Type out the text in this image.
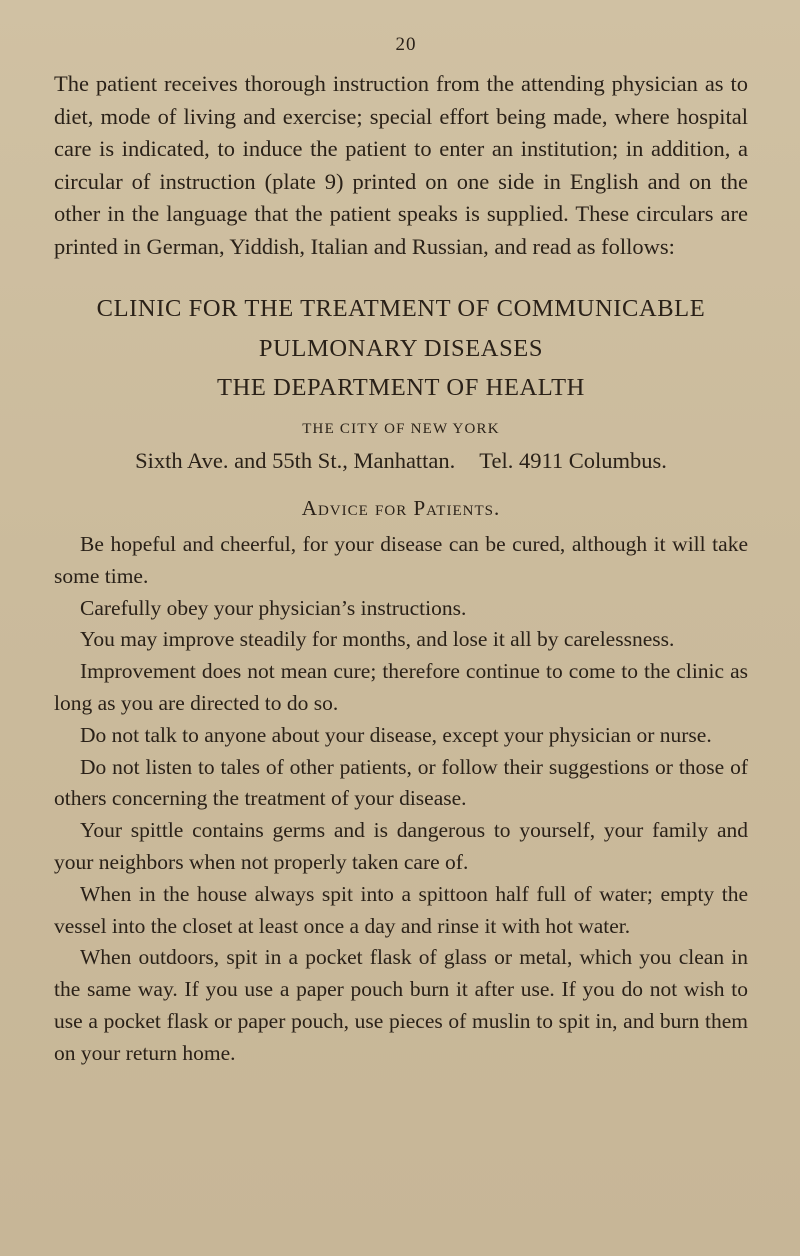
20

The patient receives thorough instruction from the attending physician as to diet, mode of living and exercise; special effort being made, where hospital care is indicated, to induce the patient to enter an institution; in addition, a circular of instruction (plate 9) printed on one side in English and on the other in the language that the patient speaks is supplied. These circulars are printed in German, Yiddish, Italian and Russian, and read as follows:

CLINIC FOR THE TREATMENT OF COMMUNICABLE

PULMONARY DISEASES

THE DEPARTMENT OF HEALTH

THE CITY OF NEW YORK

Sixth Ave. and 55th St., Manhattan. Tel. 4911 Columbus.

Advice for Patients.
Be hopeful and cheerful, for your disease can be cured, although it will take some time.
Carefully obey your physician’s instructions.
You may improve steadily for months, and lose it all by carelessness.
Improvement does not mean cure; therefore continue to come to the clinic as long as you are directed to do so.
Do not talk to anyone about your disease, except your physician or nurse.
Do not listen to tales of other patients, or follow their suggestions or those of others concerning the treatment of your disease.
Your spittle contains germs and is dangerous to yourself, your family and your neighbors when not properly taken care of.
When in the house always spit into a spittoon half full of water; empty the vessel into the closet at least once a day and rinse it with hot water.
When outdoors, spit in a pocket flask of glass or metal, which you clean in the same way. If you use a paper pouch burn it after use. If you do not wish to use a pocket flask or paper pouch, use pieces of muslin to spit in, and burn them on your return home.
